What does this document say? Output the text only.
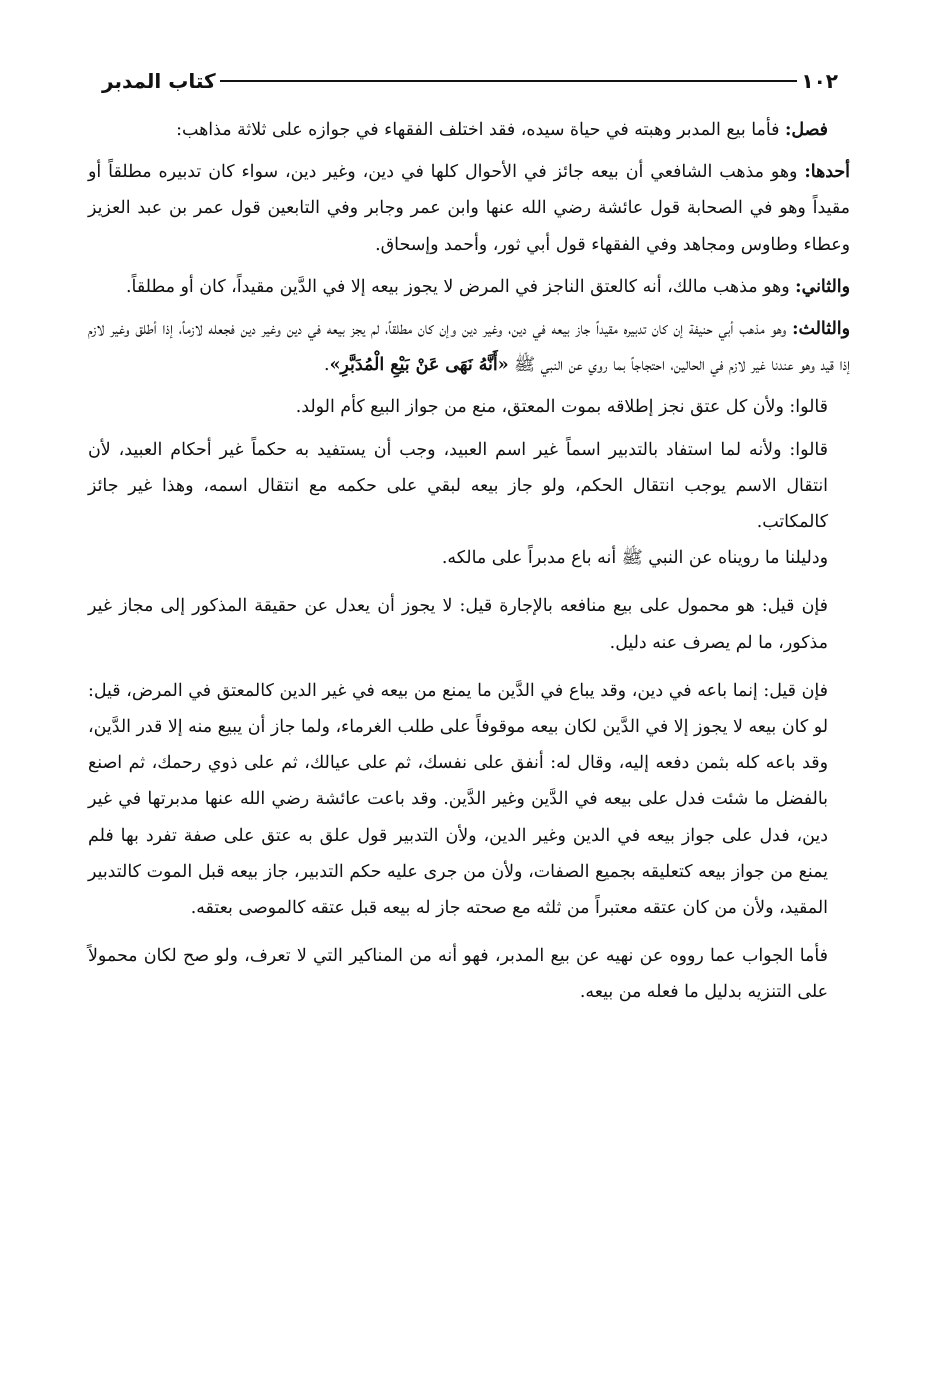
١٠٢
كتاب المدبر

فصل: فأما بيع المدبر وهبته في حياة سيده، فقد اختلف الفقهاء في جوازه على ثلاثة مذاهب:

أحدها: وهو مذهب الشافعي أن بيعه جائز في الأحوال كلها في دين، وغير دين، سواء كان تدبيره مطلقاً أو مقيداً وهو في الصحابة قول عائشة رضي الله عنها وابن عمر وجابر وفي التابعين قول عمر بن عبد العزيز وعطاء وطاوس ومجاهد وفي الفقهاء قول أبي ثور، وأحمد وإسحاق.

والثاني: وهو مذهب مالك، أنه كالعتق الناجز في المرض لا يجوز بيعه إلا في الدَّين مقيداً، كان أو مطلقاً.

والثالث: وهو مذهب أبي حنيفة إن كان تدبيره مقيداً جاز بيعه في دين، وغير دين وإن كان مطلقاً، لم يجز بيعه في دين وغير دين فجعله لازماً، إذا أطلق وغير لازم إذا قيد وهو عندنا غير لازم في الحالين، احتجاجاً بما روي عن النبي ﷺ «أَنَّهُ نَهَى عَنْ بَيْعِ الْمُدَبَّرِ».

قالوا: ولأن كل عتق نجز إطلاقه بموت المعتق، منع من جواز البيع كأم الولد.

قالوا: ولأنه لما استفاد بالتدبير اسماً غير اسم العبيد، وجب أن يستفيد به حكماً غير أحكام العبيد، لأن انتقال الاسم يوجب انتقال الحكم، ولو جاز بيعه لبقي على حكمه مع انتقال اسمه، وهذا غير جائز كالمكاتب.

ودليلنا ما رويناه عن النبي ﷺ أنه باع مدبراً على مالكه.

فإن قيل: هو محمول على بيع منافعه بالإجارة قيل: لا يجوز أن يعدل عن حقيقة المذكور إلى مجاز غير مذكور، ما لم يصرف عنه دليل.

فإن قيل: إنما باعه في دين، وقد يباع في الدَّين ما يمنع من بيعه في غير الدين كالمعتق في المرض، قيل: لو كان بيعه لا يجوز إلا في الدَّين لكان بيعه موقوفاً على طلب الغرماء، ولما جاز أن يبيع منه إلا قدر الدَّين، وقد باعه كله بثمن دفعه إليه، وقال له: أنفق على نفسك، ثم على عيالك، ثم على ذوي رحمك، ثم اصنع بالفضل ما شئت فدل على بيعه في الدَّين وغير الدَّين. وقد باعت عائشة رضي الله عنها مدبرتها في غير دين، فدل على جواز بيعه في الدين وغير الدين، ولأن التدبير قول علق به عتق على صفة تفرد بها فلم يمنع من جواز بيعه كتعليقه بجميع الصفات، ولأن من جرى عليه حكم التدبير، جاز بيعه قبل الموت كالتدبير المقيد، ولأن من كان عتقه معتبراً من ثلثه مع صحته جاز له بيعه قبل عتقه كالموصى بعتقه.

فأما الجواب عما رووه عن نهيه عن بيع المدبر، فهو أنه من المناكير التي لا تعرف، ولو صح لكان محمولاً على التنزيه بدليل ما فعله من بيعه.
